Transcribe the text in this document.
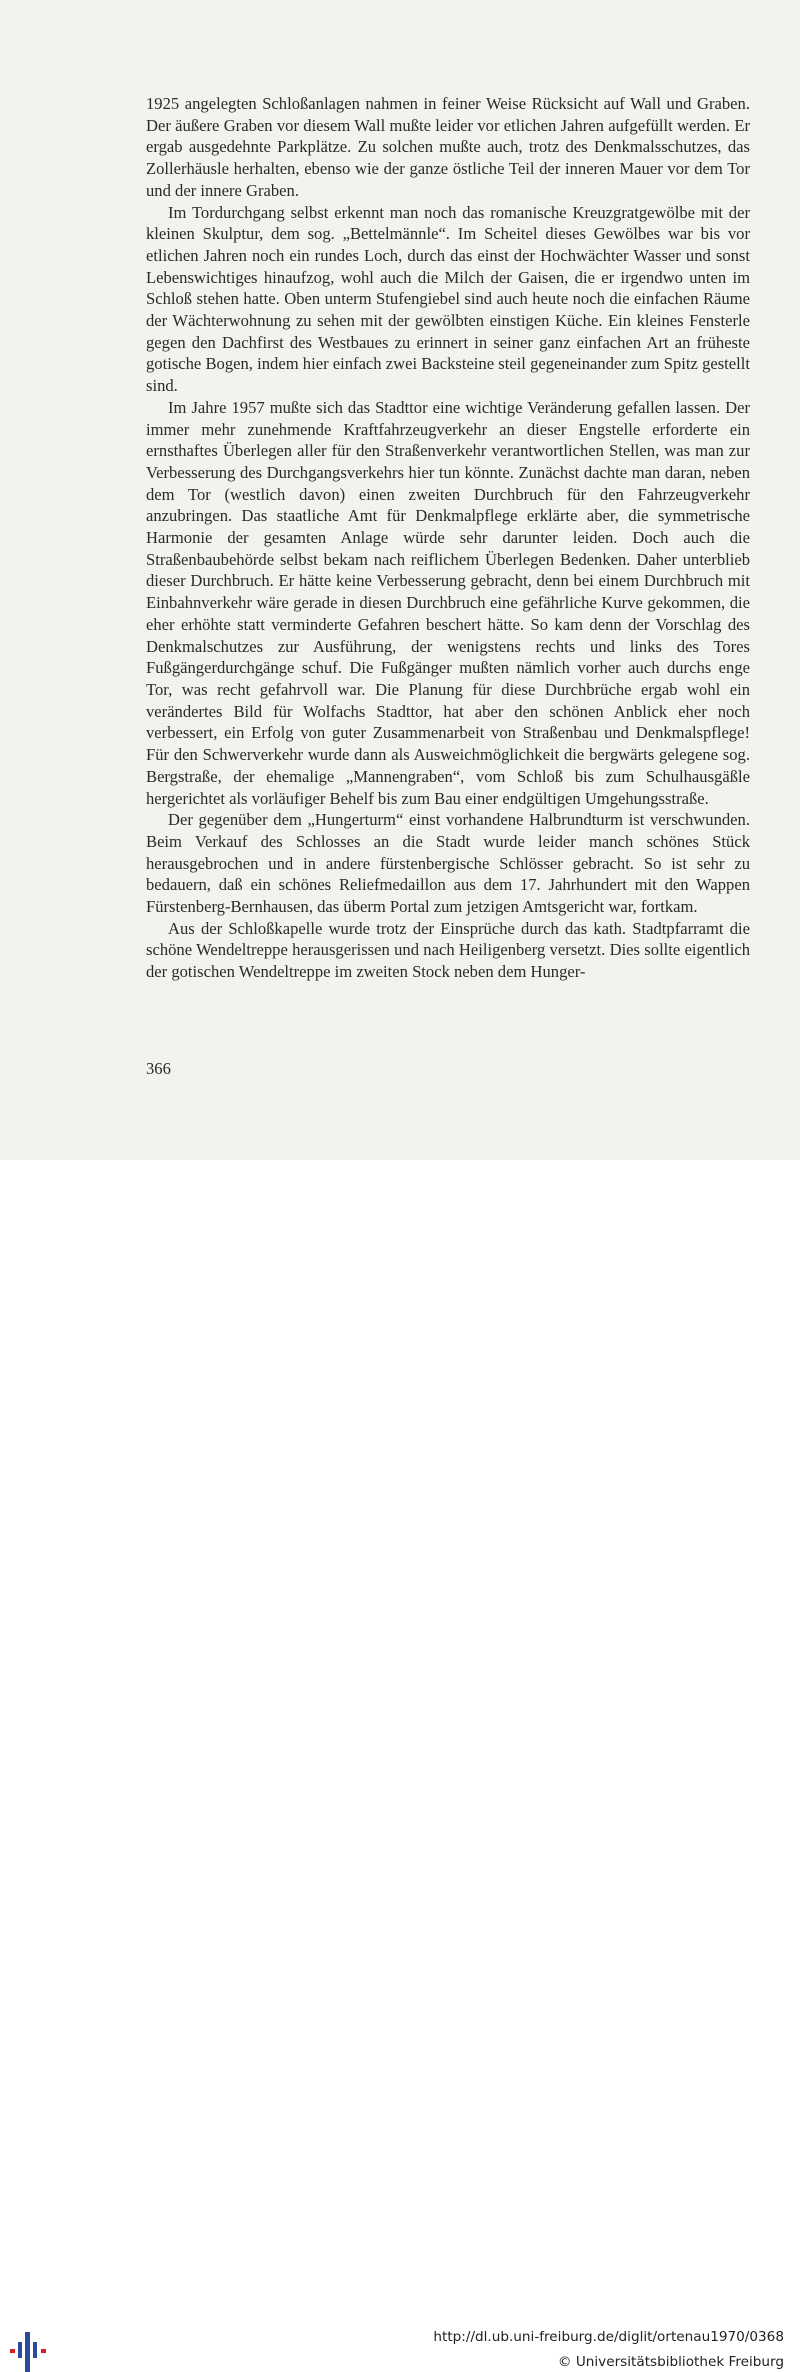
1925 angelegten Schloßanlagen nahmen in feiner Weise Rücksicht auf Wall und Graben. Der äußere Graben vor diesem Wall mußte leider vor etlichen Jahren aufgefüllt werden. Er ergab ausgedehnte Parkplätze. Zu solchen mußte auch, trotz des Denkmalsschutzes, das Zollerhäusle herhalten, ebenso wie der ganze östliche Teil der inneren Mauer vor dem Tor und der innere Graben.

Im Tordurchgang selbst erkennt man noch das romanische Kreuzgratgewölbe mit der kleinen Skulptur, dem sog. „Bettelmännle“. Im Scheitel dieses Gewölbes war bis vor etlichen Jahren noch ein rundes Loch, durch das einst der Hochwächter Wasser und sonst Lebenswichtiges hinaufzog, wohl auch die Milch der Gaisen, die er irgendwo unten im Schloß stehen hatte. Oben unterm Stufengiebel sind auch heute noch die einfachen Räume der Wächterwohnung zu sehen mit der gewölbten einstigen Küche. Ein kleines Fensterle gegen den Dachfirst des Westbaues zu erinnert in seiner ganz einfachen Art an früheste gotische Bogen, indem hier einfach zwei Backsteine steil gegeneinander zum Spitz gestellt sind.

Im Jahre 1957 mußte sich das Stadttor eine wichtige Veränderung gefallen lassen. Der immer mehr zunehmende Kraftfahrzeugverkehr an dieser Engstelle erforderte ein ernsthaftes Überlegen aller für den Straßenverkehr verantwortlichen Stellen, was man zur Verbesserung des Durchgangsverkehrs hier tun könnte. Zunächst dachte man daran, neben dem Tor (westlich davon) einen zweiten Durchbruch für den Fahrzeugverkehr anzubringen. Das staatliche Amt für Denkmalpflege erklärte aber, die symmetrische Harmonie der gesamten Anlage würde sehr darunter leiden. Doch auch die Straßenbaubehörde selbst bekam nach reiflichem Überlegen Bedenken. Daher unterblieb dieser Durchbruch. Er hätte keine Verbesserung gebracht, denn bei einem Durchbruch mit Einbahnverkehr wäre gerade in diesen Durchbruch eine gefährliche Kurve gekommen, die eher erhöhte statt verminderte Gefahren beschert hätte. So kam denn der Vorschlag des Denkmalschutzes zur Ausführung, der wenigstens rechts und links des Tores Fußgängerdurchgänge schuf. Die Fußgänger mußten nämlich vorher auch durchs enge Tor, was recht gefahrvoll war. Die Planung für diese Durchbrüche ergab wohl ein verändertes Bild für Wolfachs Stadttor, hat aber den schönen Anblick eher noch verbessert, ein Erfolg von guter Zusammenarbeit von Straßenbau und Denkmalspflege! Für den Schwerverkehr wurde dann als Ausweichmöglichkeit die bergwärts gelegene sog. Bergstraße, der ehemalige „Mannengraben“, vom Schloß bis zum Schulhausgäßle hergerichtet als vorläufiger Behelf bis zum Bau einer endgültigen Umgehungsstraße.

Der gegenüber dem „Hungerturm“ einst vorhandene Halbrundturm ist verschwunden. Beim Verkauf des Schlosses an die Stadt wurde leider manch schönes Stück herausgebrochen und in andere fürstenbergische Schlösser gebracht. So ist sehr zu bedauern, daß ein schönes Reliefmedaillon aus dem 17. Jahrhundert mit den Wappen Fürstenberg-Bernhausen, das überm Portal zum jetzigen Amtsgericht war, fortkam.

Aus der Schloßkapelle wurde trotz der Einsprüche durch das kath. Stadtpfarramt die schöne Wendeltreppe herausgerissen und nach Heiligenberg versetzt. Dies sollte eigentlich der gotischen Wendeltreppe im zweiten Stock neben dem Hunger-

366
http://dl.ub.uni-freiburg.de/diglit/ortenau1970/0368
© Universitätsbibliothek Freiburg
